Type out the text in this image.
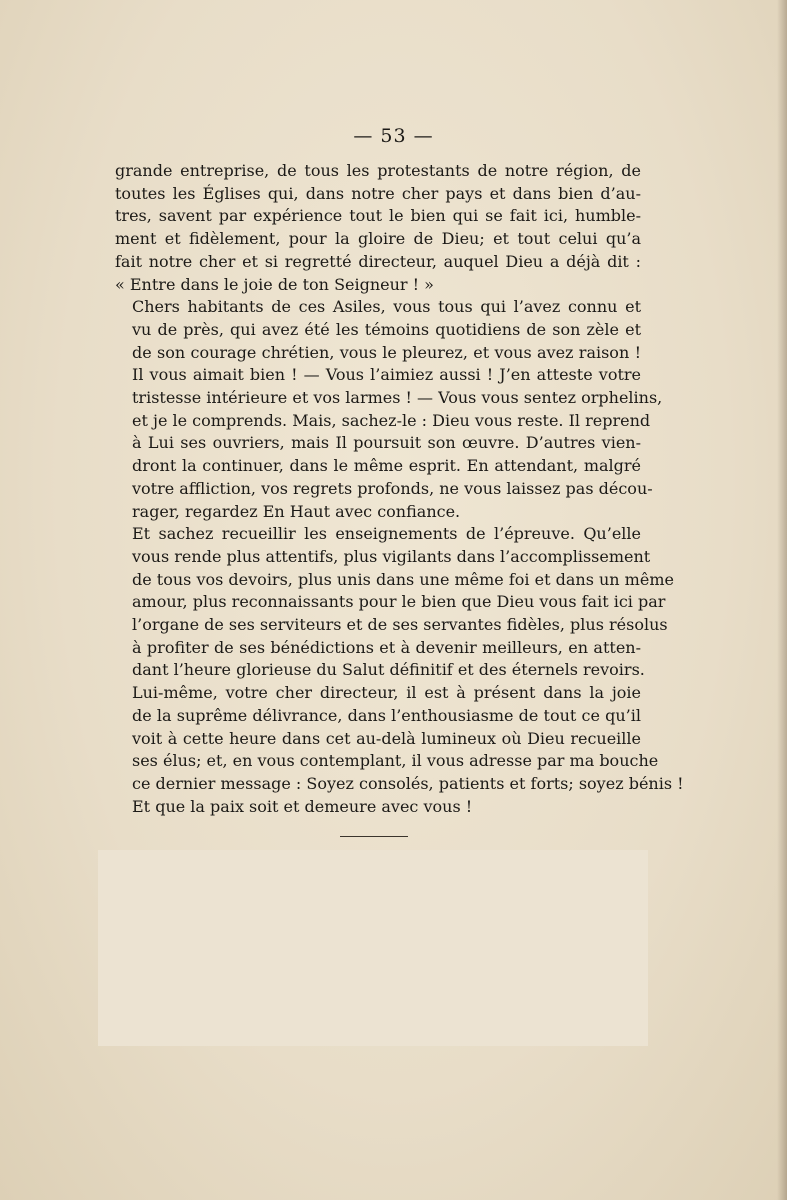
— 53 —

grande entreprise, de tous les protestants de notre région, de
toutes les Églises qui, dans notre cher pays et dans bien d’au-
tres, savent par expérience tout le bien qui se fait ici, humble-
ment et fidèlement, pour la gloire de Dieu; et tout celui qu’a
fait notre cher et si regretté directeur, auquel Dieu a déjà dit :
« Entre dans le joie de ton Seigneur ! »

Chers habitants de ces Asiles, vous tous qui l’avez connu et
vu de près, qui avez été les témoins quotidiens de son zèle et
de son courage chrétien, vous le pleurez, et vous avez raison !
Il vous aimait bien ! — Vous l’aimiez aussi ! J’en atteste votre
tristesse intérieure et vos larmes ! — Vous vous sentez orphelins,
et je le comprends. Mais, sachez-le : Dieu vous reste. Il reprend
à Lui ses ouvriers, mais Il poursuit son œuvre. D’autres vien-
dront la continuer, dans le même esprit. En attendant, malgré
votre affliction, vos regrets profonds, ne vous laissez pas décou-
rager, regardez En Haut avec confiance.

Et sachez recueillir les enseignements de l’épreuve. Qu’elle
vous rende plus attentifs, plus vigilants dans l’accomplissement
de tous vos devoirs, plus unis dans une même foi et dans un même
amour, plus reconnaissants pour le bien que Dieu vous fait ici par
l’organe de ses serviteurs et de ses servantes fidèles, plus résolus
à profiter de ses bénédictions et à devenir meilleurs, en atten-
dant l’heure glorieuse du Salut définitif et des éternels revoirs.

Lui-même, votre cher directeur, il est à présent dans la joie
de la suprême délivrance, dans l’enthousiasme de tout ce qu’il
voit à cette heure dans cet au-delà lumineux où Dieu recueille
ses élus; et, en vous contemplant, il vous adresse par ma bouche
ce dernier message : Soyez consolés, patients et forts; soyez bénis !
Et que la paix soit et demeure avec vous !
